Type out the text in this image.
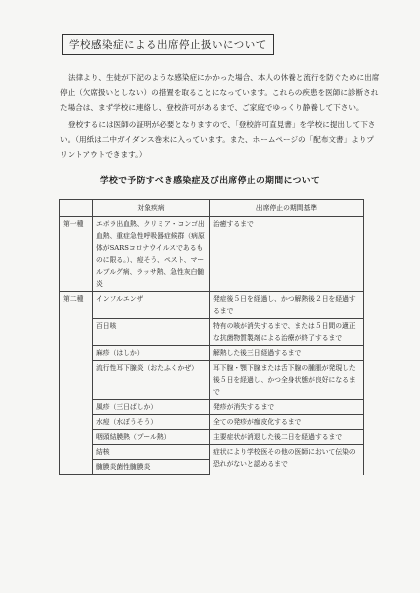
学校感染症による出席停止扱いについて

法律より、生徒が下記のような感染症にかかった場合、本人の休養と流行を防ぐために出席停止（欠席扱いとしない）の措置を取ることになっています。これらの疾患を医師に診断された場合は、まず学校に連絡し、登校許可があるまで、ご家庭でゆっくり静養して下さい。

登校するには医師の証明が必要となりますので、「登校許可直見書」を学校に提出して下さい。（用紙は二中ガイダンス巻末に入っています。また、ホームページの「配布文書」よりプリントアウトできます。）

学校で予防すべき感染症及び出席停止の期間について
	対象疾病	出席停止の期間基準
第一種	エボラ出血熱、クリミア・コンゴ出血熱、重症急性呼吸器症候群（病原体がSARSコロナウイルスであるものに限る。）、痘そう、ペスト、マールブルグ病、ラッサ熱、急性灰白髄炎	治癒するまで
第二種	インフルエンザ	発症後５日を経過し、かつ解熱後２日を経過するまで
	百日咳	特有の咳が消失するまで、または５日間の適正な抗菌物質製剤による治療が終了するまで
	麻疹（はしか）	解熱した後三日経過するまで
	流行性耳下腺炎（おたふくかぜ）	耳下腺・顎下腺または舌下腺の腫脹が発現した後５日を経過し、かつ全身状態が良好になるまで
	風疹（三日ばしか）	発疹が消失するまで
	水痘（水ぼうそう）	全ての発疹が痂皮化するまで
	咽頭結膜熱（プール熱）	主要症状が消退した後二日を経過するまで
	結核	症状により学校医その他の医師において伝染の恐れがないと認めるまで
	髄膜炎菌性髄膜炎	
